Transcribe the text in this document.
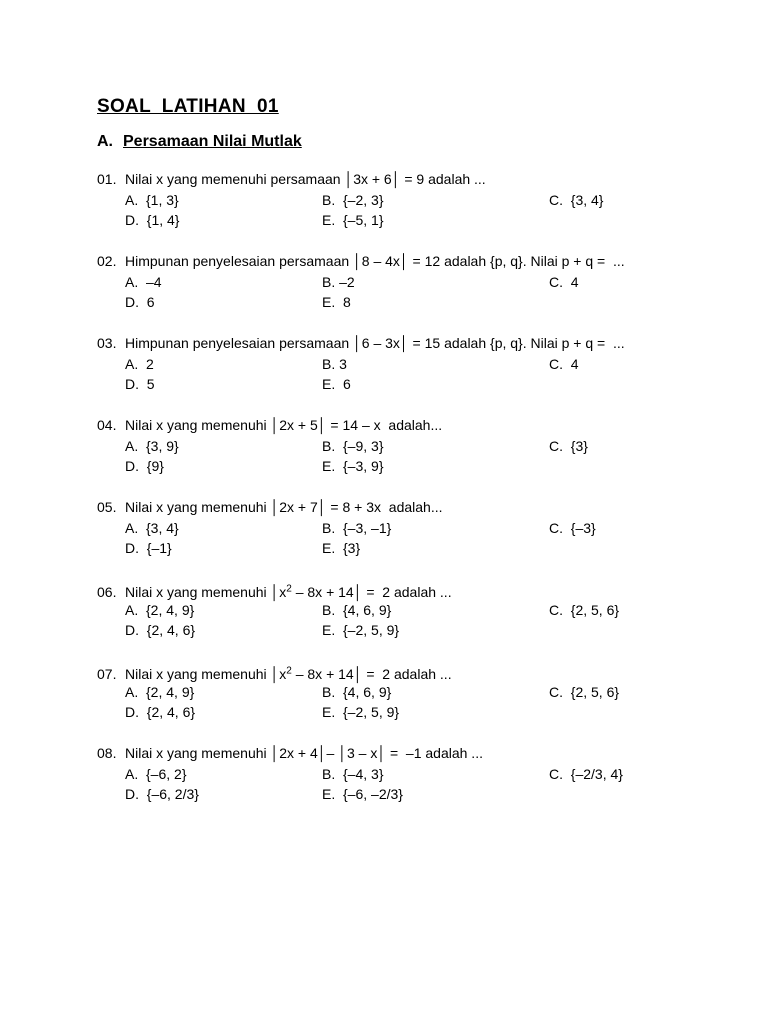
SOAL  LATIHAN  01
A. Persamaan Nilai Mutlak
01. Nilai x yang memenuhi persamaan │3x + 6│ = 9 adalah ...
A.  {1, 3}	B.  {–2, 3}	C.  {3, 4}
D.  {1, 4}	E.  {–5, 1}
02. Himpunan penyelesaian persamaan │8 – 4x│ = 12 adalah {p, q}. Nilai p + q =  ...
A.  –4	B. –2	C.  4
D.  6	E.  8
03. Himpunan penyelesaian persamaan │6 – 3x│ = 15 adalah {p, q}. Nilai p + q =  ...
A.  2	B. 3	C.  4
D.  5	E.  6
04. Nilai x yang memenuhi │2x + 5│ = 14 – x  adalah...
A.  {3, 9}	B.  {–9, 3}	C.  {3}
D.  {9}	E.  {–3, 9}
05. Nilai x yang memenuhi │2x + 7│ = 8 + 3x  adalah...
A.  {3, 4}	B.  {–3, –1}	C.  {–3}
D.  {–1}	E.  {3}
06. Nilai x yang memenuhi $│x^2 - 8x$ + 14│ =  2 adalah ...
A.  {2, 4, 9}	B.  {4, 6, 9}	C.  {2, 5, 6}
D.  {2, 4, 6}	E.  {–2, 5, 9}
07. Nilai x yang memenuhi $│x^2 - 8x$ + 14│ =  2 adalah ...
A.  {2, 4, 9}	B.  {4, 6, 9}	C.  {2, 5, 6}
D.  {2, 4, 6}	E.  {–2, 5, 9}
08. Nilai x yang memenuhi │2x + 4│– │3 – x│ =  –1 adalah ...
A.  {–6, 2}	B.  {–4, 3}	C.  {–2/3, 4}
D.  {–6, 2/3}	E.  {–6, –2/3}
